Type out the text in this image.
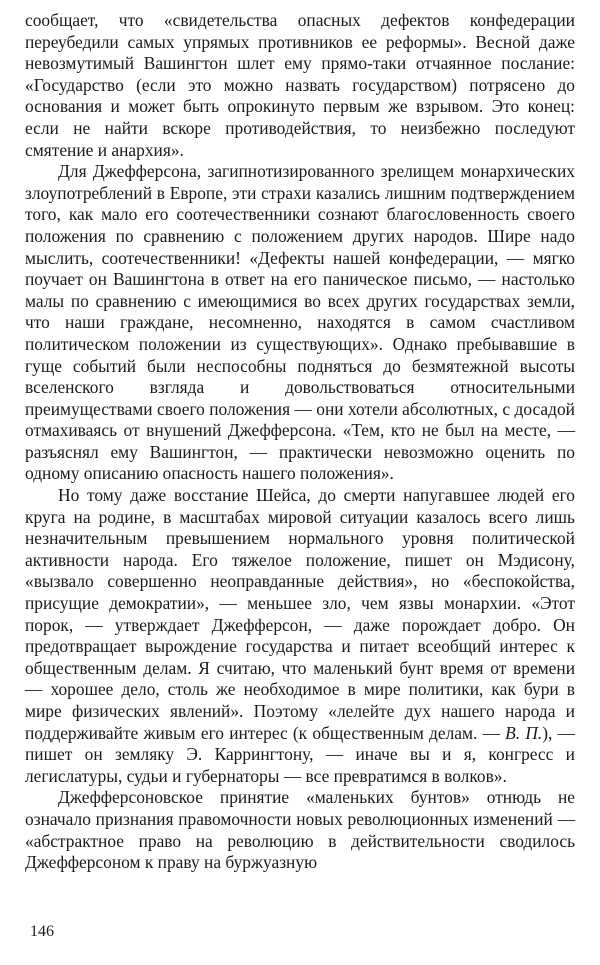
сообщает, что «свидетельства опасных дефектов конфедерации переубедили самых упрямых противников ее реформы». Весной даже невозмутимый Вашингтон шлет ему прямо-таки отчаянное послание: «Государство (если это можно назвать государством) потрясено до основания и может быть опрокинуто первым же взрывом. Это конец: если не найти вскоре противодействия, то неизбежно последуют смятение и анархия».

Для Джефферсона, загипнотизированного зрелищем монархических злоупотреблений в Европе, эти страхи казались лишним подтверждением того, как мало его соотечественники сознают благословенность своего положения по сравнению с положением других народов. Шире надо мыслить, соотечественники! «Дефекты нашей конфедерации, — мягко поучает он Вашингтона в ответ на его паническое письмо, — настолько малы по сравнению с имеющимися во всех других государствах земли, что наши граждане, несомненно, находятся в самом счастливом политическом положении из существующих». Однако пребывавшие в гуще событий были неспособны подняться до безмятежной высоты вселенского взгляда и довольствоваться относительными преимуществами своего положения — они хотели абсолютных, с досадой отмахиваясь от внушений Джефферсона. «Тем, кто не был на месте, — разъяснял ему Вашингтон, — практически невозможно оценить по одному описанию опасность нашего положения».

Но тому даже восстание Шейса, до смерти напугавшее людей его круга на родине, в масштабах мировой ситуации казалось всего лишь незначительным превышением нормального уровня политической активности народа. Его тяжелое положение, пишет он Мэдисону, «вызвало совершенно неоправданные действия», но «беспокойства, присущие демократии», — меньшее зло, чем язвы монархии. «Этот порок, — утверждает Джефферсон, — даже порождает добро. Он предотвращает вырождение государства и питает всеобщий интерес к общественным делам. Я считаю, что маленький бунт время от времени — хорошее дело, столь же необходимое в мире политики, как бури в мире физических явлений». Поэтому «лелейте дух нашего народа и поддерживайте живым его интерес (к общественным делам. — В. П.), — пишет он земляку Э. Каррингтону, — иначе вы и я, конгресс и легислатуры, судьи и губернаторы — все превратимся в волков».

Джефферсоновское принятие «маленьких бунтов» отнюдь не означало признания правомочности новых революционных изменений — «абстрактное право на революцию в действительности сводилось Джефферсоном к праву на буржуазную

146
